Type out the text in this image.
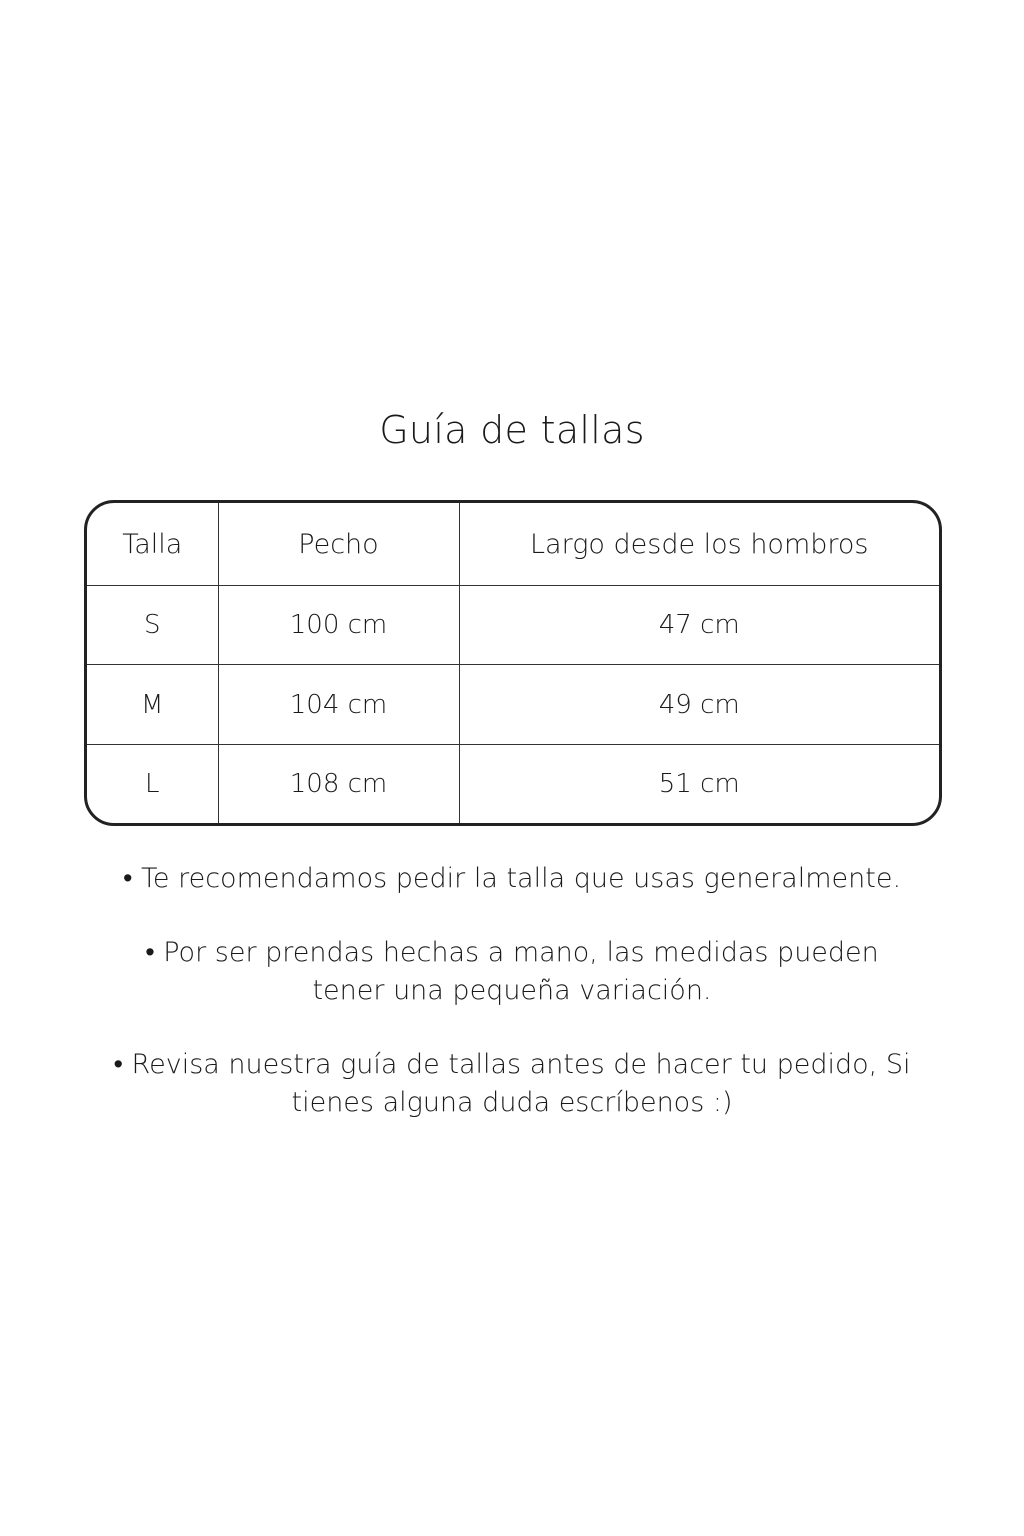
Guía de tallas
Talla	Pecho	Largo desde los hombros
S	100 cm	47 cm
M	104 cm	49 cm
L	108 cm	51 cm

• Te recomendamos pedir la talla que usas generalmente.

• Por ser prendas hechas a mano, las medidas pueden tener una pequeña variación.

• Revisa nuestra guía de tallas antes de hacer tu pedido, Si tienes alguna duda escríbenos :)
